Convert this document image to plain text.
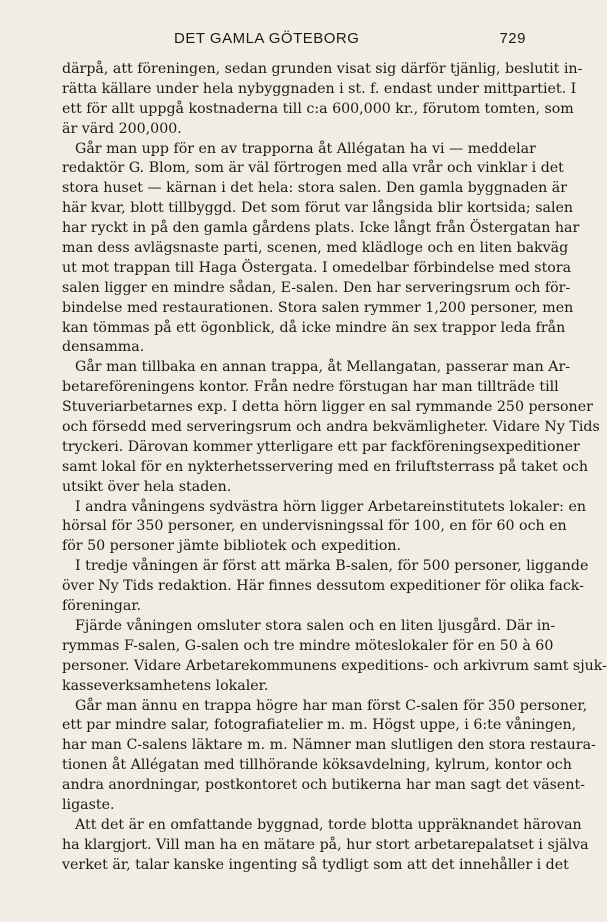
DET GAMLA GÖTEBORG	729
därpå, att föreningen, sedan grunden visat sig därför tjänlig, beslutit in-
rätta källare under hela nybyggnaden i st. f. endast under mittpartiet. I
ett för allt uppgå kostnaderna till c:a 600,000 kr., förutom tomten, som
är värd 200,000.
Går man upp för en av trapporna åt Allégatan ha vi — meddelar
redaktör G. Blom, som är väl förtrogen med alla vrår och vinklar i det
stora huset — kärnan i det hela: stora salen. Den gamla byggnaden är
här kvar, blott tillbyggd. Det som förut var långsida blir kortsida; salen
har ryckt in på den gamla gårdens plats. Icke långt från Östergatan har
man dess avlägsnaste parti, scenen, med klädloge och en liten bakväg
ut mot trappan till Haga Östergata. I omedelbar förbindelse med stora
salen ligger en mindre sådan, E-salen. Den har serveringsrum och för-
bindelse med restaurationen. Stora salen rymmer 1,200 personer, men
kan tömmas på ett ögonblick, då icke mindre än sex trappor leda från
densamma.
Går man tillbaka en annan trappa, åt Mellangatan, passerar man Ar-
betareföreningens kontor. Från nedre förstugan har man tillträde till
Stuveriarbetarnes exp. I detta hörn ligger en sal rymmande 250 personer
och försedd med serveringsrum och andra bekvämligheter. Vidare Ny Tids
tryckeri. Därovan kommer ytterligare ett par fackföreningsexpeditioner
samt lokal för en nykterhetsservering med en friluftsterrass på taket och
utsikt över hela staden.
I andra våningens sydvästra hörn ligger Arbetareinstitutets lokaler: en
hörsal för 350 personer, en undervisningssal för 100, en för 60 och en
för 50 personer jämte bibliotek och expedition.
I tredje våningen är först att märka B-salen, för 500 personer, liggande
över Ny Tids redaktion. Här finnes dessutom expeditioner för olika fack-
föreningar.
Fjärde våningen omsluter stora salen och en liten ljusgård. Där in-
rymmas F-salen, G-salen och tre mindre möteslokaler för en 50 à 60
personer. Vidare Arbetarekommunens expeditions- och arkivrum samt sjuk-
kasseverksamhetens lokaler.
Går man ännu en trappa högre har man först C-salen för 350 personer,
ett par mindre salar, fotografiatelier m. m. Högst uppe, i 6:te våningen,
har man C-salens läktare m. m. Nämner man slutligen den stora restaura-
tionen åt Allégatan med tillhörande köksavdelning, kylrum, kontor och
andra anordningar, postkontoret och butikerna har man sagt det väsent-
ligaste.
Att det är en omfattande byggnad, torde blotta uppräknandet härovan
ha klargjort. Vill man ha en mätare på, hur stort arbetarepalatset i själva
verket är, talar kanske ingenting så tydligt som att det innehåller i det
